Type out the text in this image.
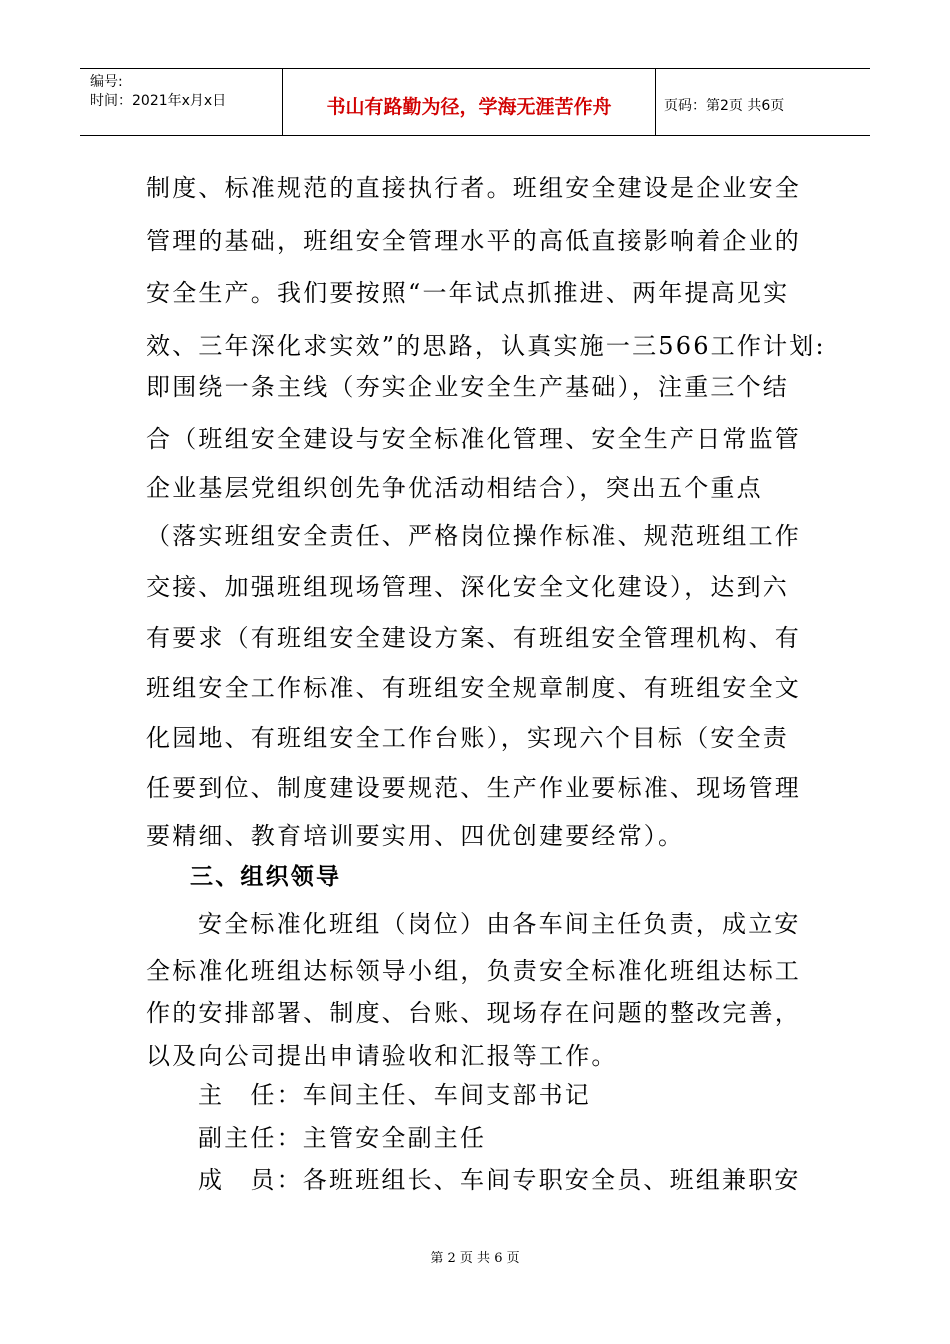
编号:
时间：2021年x月x日	书山有路勤为径，学海无涯苦作舟	页码：第2页 共6页
制度、标准规范的直接执行者。班组安全建设是企业安全
管理的基础，班组安全管理水平的高低直接影响着企业的
安全生产。我们要按照“一年试点抓推进、两年提高见实
效、三年深化求实效”的思路，认真实施一三566工作计划:
即围绕一条主线（夯实企业安全生产基础），注重三个结
合（班组安全建设与安全标准化管理、安全生产日常监管
企业基层党组织创先争优活动相结合），突出五个重点
（落实班组安全责任、严格岗位操作标准、规范班组工作
交接、加强班组现场管理、深化安全文化建设），达到六
有要求（有班组安全建设方案、有班组安全管理机构、有
班组安全工作标准、有班组安全规章制度、有班组安全文
化园地、有班组安全工作台账），实现六个目标（安全责
任要到位、制度建设要规范、生产作业要标准、现场管理
要精细、教育培训要实用、四优创建要经常）。
三、组织领导
安全标准化班组（岗位）由各车间主任负责，成立安
全标准化班组达标领导小组，负责安全标准化班组达标工
作的安排部署、制度、台账、现场存在问题的整改完善，
以及向公司提出申请验收和汇报等工作。
主　任：车间主任、车间支部书记
副主任：主管安全副主任
成　员：各班班组长、车间专职安全员、班组兼职安
第 2 页 共 6 页
